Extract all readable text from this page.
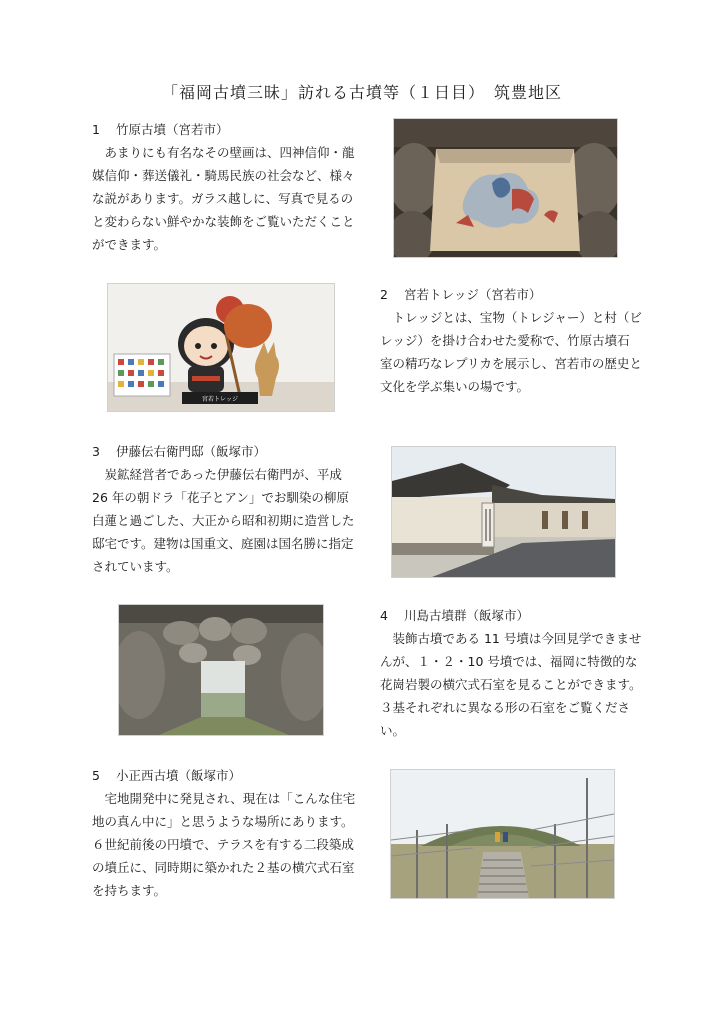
「福岡古墳三昧」訪れる古墳等（１日目）　筑豊地区
1 竹原古墳（宮若市）
あまりにも有名なその壁画は、四神信仰・龍媒信仰・葬送儀礼・騎馬民族の社会など、様々な説があります。ガラス越しに、写真で見るのと変わらない鮮やかな装飾をご覧いただくことができます。
宮若トレッジ
2 宮若トレッジ（宮若市）
トレッジとは、宝物（トレジャー）と村（ビレッジ）を掛け合わせた愛称で、竹原古墳石室の精巧なレプリカを展示し、宮若市の歴史と文化を学ぶ集いの場です。
3 伊藤伝右衛門邸（飯塚市）
炭鉱経営者であった伊藤伝右衛門が、平成 26 年の朝ドラ「花子とアン」でお馴染の柳原白蓮と過ごした、大正から昭和初期に造営した邸宅です。建物は国重文、庭園は国名勝に指定されています。
4 川島古墳群（飯塚市）
装飾古墳である 11 号墳は今回見学できませんが、１・２・10 号墳では、福岡に特徴的な花崗岩製の横穴式石室を見ることができます。３基それぞれに異なる形の石室をご覧ください。
5 小正西古墳（飯塚市）
宅地開発中に発見され、現在は「こんな住宅地の真ん中に」と思うような場所にあります。６世紀前後の円墳で、テラスを有する二段築成の墳丘に、同時期に築かれた２基の横穴式石室を持ちます。
